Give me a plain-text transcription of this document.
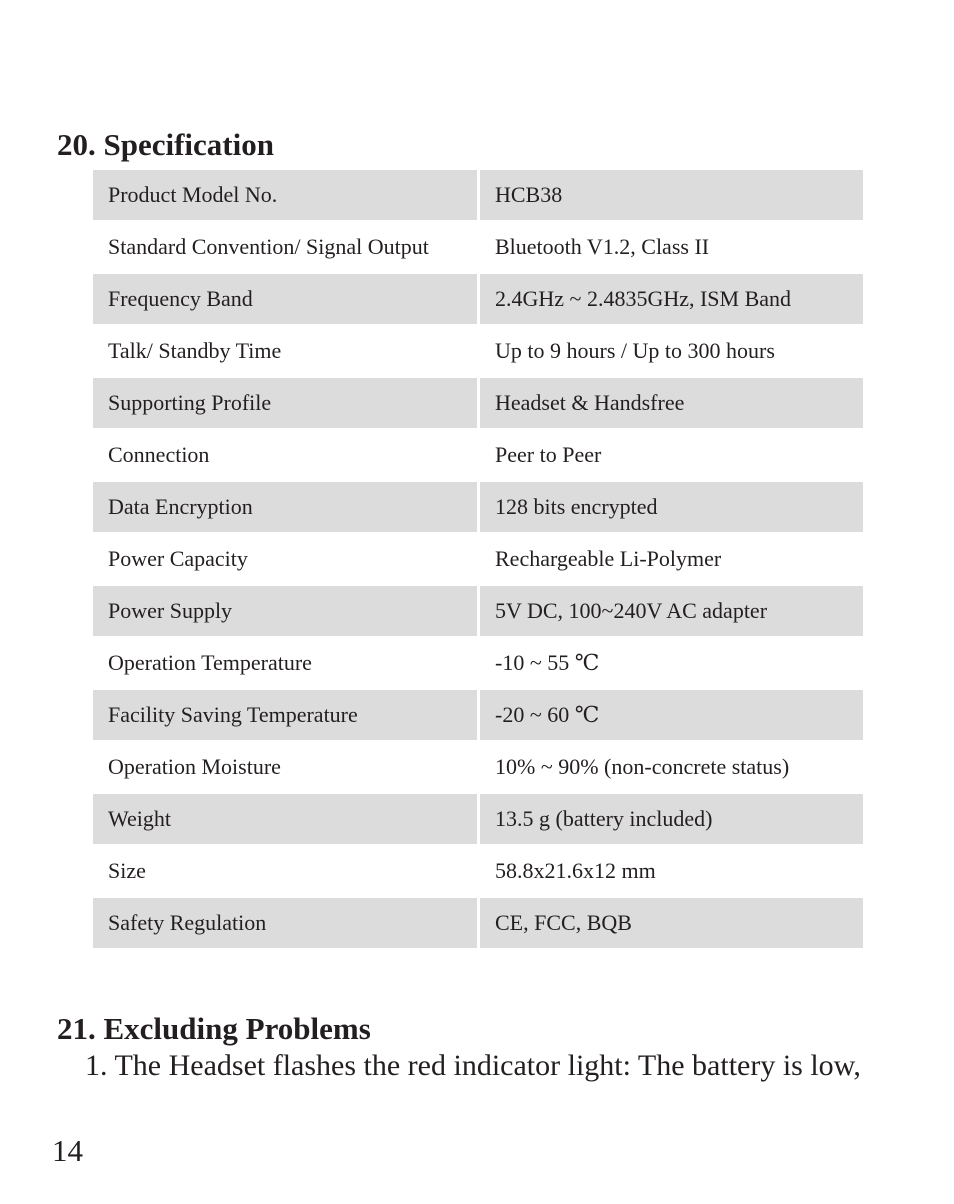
20. Specification
Product Model No.	HCB38
Standard Convention/ Signal Output	Bluetooth V1.2, Class II
Frequency Band	2.4GHz ~ 2.4835GHz, ISM Band
Talk/ Standby Time	Up to 9 hours / Up to 300 hours
Supporting Profile	Headset & Handsfree
Connection	Peer to Peer
Data Encryption	128 bits encrypted
Power Capacity	Rechargeable Li-Polymer
Power Supply	5V DC, 100~240V AC adapter
Operation Temperature	-10 ~ 55 ℃
Facility Saving Temperature	-20 ~ 60 ℃
Operation Moisture	10% ~ 90% (non-concrete status)
Weight	13.5 g (battery included)
Size	58.8x21.6x12 mm
Safety Regulation	CE, FCC, BQB
21. Excluding Problems

1. The Headset flashes the red indicator light: The battery is low,

14
